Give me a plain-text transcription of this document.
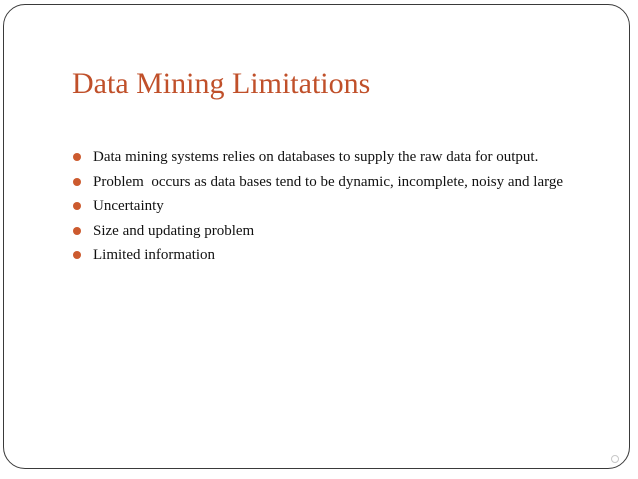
Data Mining Limitations
Data mining systems relies on databases to supply the raw data for output.
Problem  occurs as data bases tend to be dynamic, incomplete, noisy and large
Uncertainty
Size and updating problem
Limited information
